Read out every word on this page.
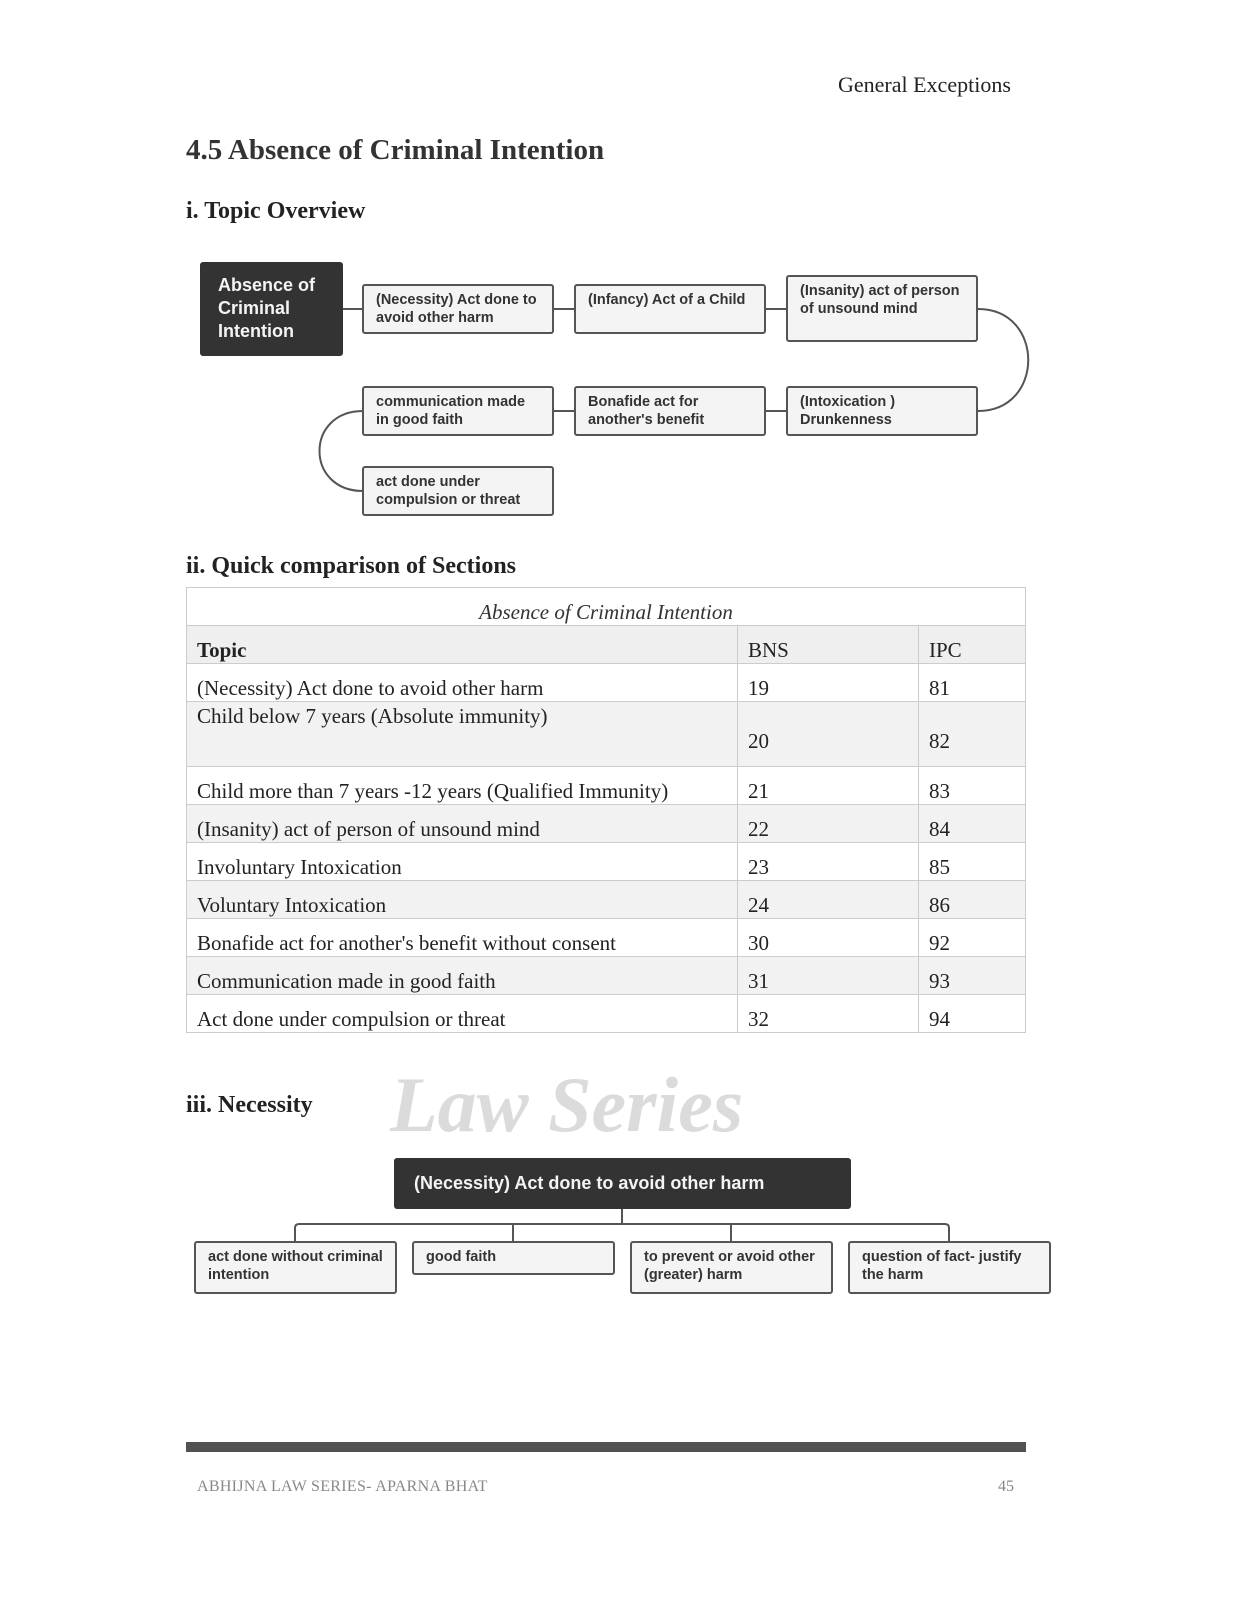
General Exceptions
4.5 Absence of Criminal Intention
i. Topic Overview
Absence of Criminal Intention
(Necessity) Act done to avoid other harm
(Infancy) Act of a Child
(Insanity) act of person of unsound mind
(Intoxication ) Drunkenness
Bonafide act for another's benefit
communication made in good faith
act done under compulsion or threat
ii. Quick comparison of Sections
Absence of Criminal Intention		
Topic	BNS	IPC
(Necessity) Act done to avoid other harm	19	81
Child below 7 years (Absolute immunity)	20	82
Child more than 7 years -12 years (Qualified Immunity)	21	83
(Insanity) act of person of unsound mind	22	84
Involuntary Intoxication	23	85
Voluntary Intoxication	24	86
Bonafide act for another's benefit without consent	30	92
Communication made in good faith	31	93
Act done under compulsion or threat	32	94
Law Series
iii. Necessity
(Necessity) Act done to avoid other harm
act done without criminal intention
good faith	to prevent or avoid other (greater) harm
question of fact- justify the harm
ABHIJNA LAW SERIES- APARNA BHAT	45
